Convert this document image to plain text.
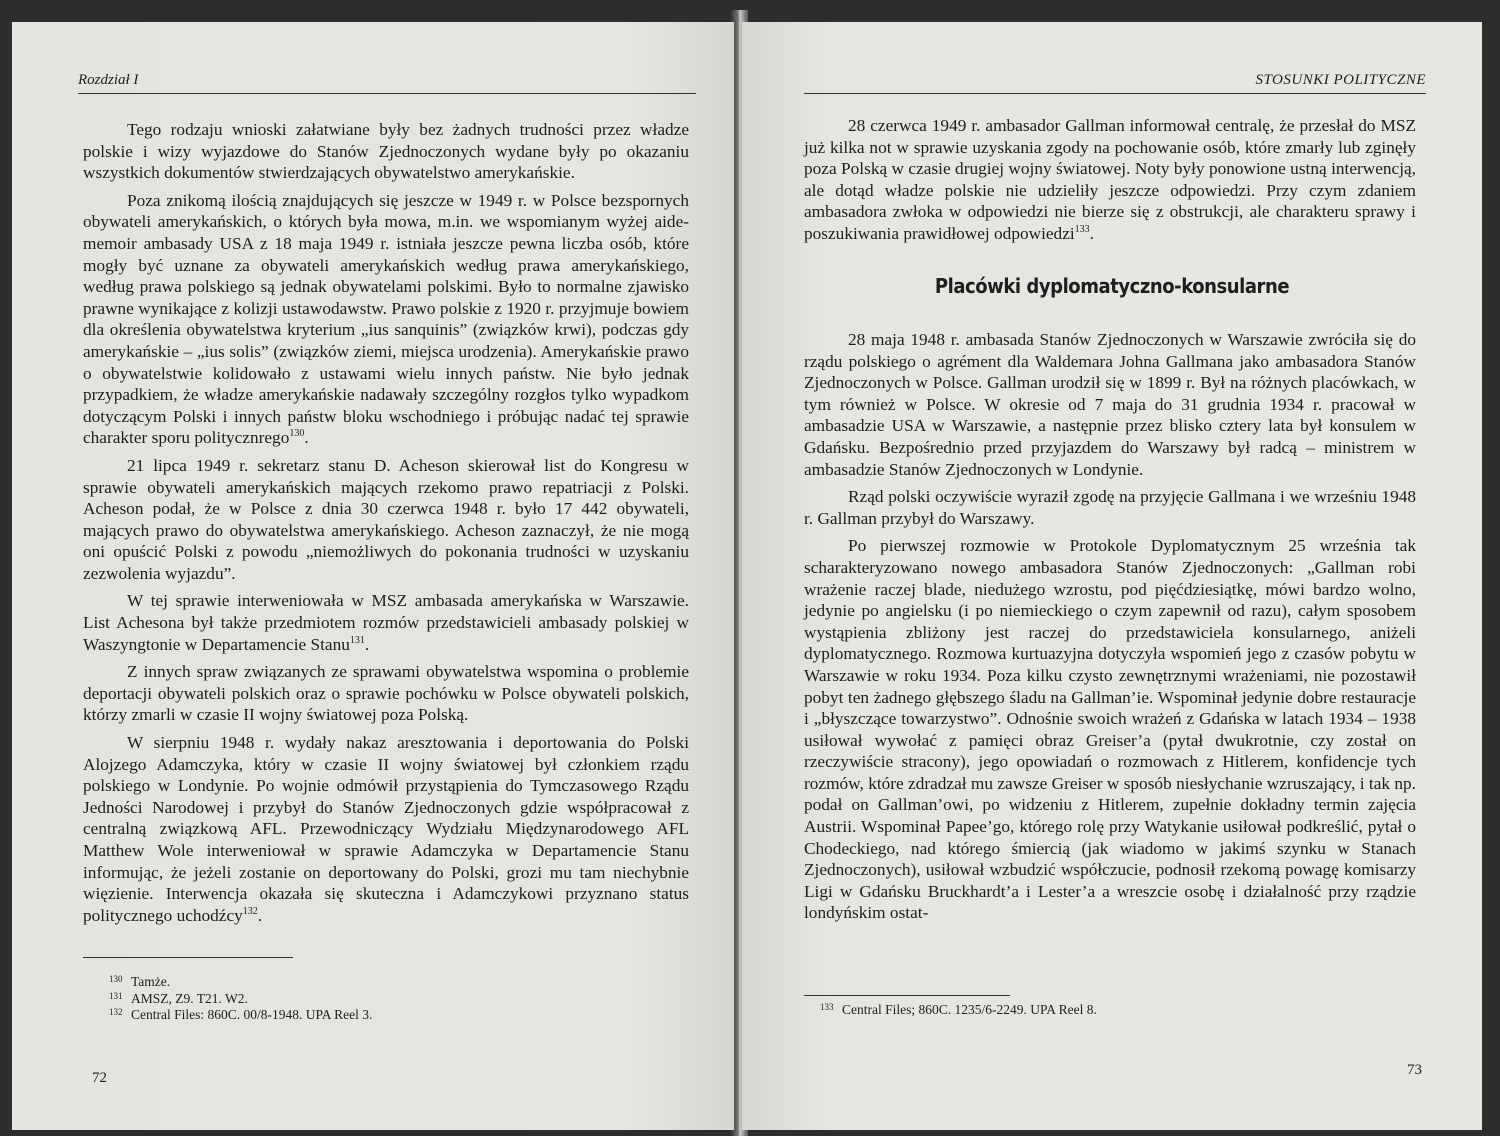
Rozdział I

Tego rodzaju wnioski załatwiane były bez żadnych trudności przez władze polskie i wizy wyjazdowe do Stanów Zjednoczonych wydane były po okazaniu wszystkich dokumentów stwierdzających obywatelstwo amerykańskie.

Poza znikomą ilością znajdujących się jeszcze w 1949 r. w Polsce bezspornych obywateli amerykańskich, o których była mowa, m.in. we wspomianym wyżej aide-memoir ambasady USA z 18 maja 1949 r. istniała jeszcze pewna liczba osób, które mogły być uznane za obywateli amerykańskich według prawa amerykańskiego, według prawa polskiego są jednak obywatelami polskimi. Było to normalne zjawisko prawne wynikające z kolizji ustawodawstw. Prawo polskie z 1920 r. przyjmuje bowiem dla określenia obywatelstwa kryterium „ius sanquinis” (związków krwi), podczas gdy amerykańskie – „ius solis” (związków ziemi, miejsca urodzenia). Amerykańskie prawo o obywatelstwie kolidowało z ustawami wielu innych państw. Nie było jednak przypadkiem, że władze amerykańskie nadawały szczególny rozgłos tylko wypadkom dotyczącym Polski i innych państw bloku wschodniego i próbując nadać tej sprawie charakter sporu politycznrego$^{130}$.

21 lipca 1949 r. sekretarz stanu D. Acheson skierował list do Kongresu w sprawie obywateli amerykańskich mających rzekomo prawo repatriacji z Polski. Acheson podał, że w Polsce z dnia 30 czerwca 1948 r. było 17 442 obywateli, mających prawo do obywatelstwa amerykańskiego. Acheson zaznaczył, że nie mogą oni opuścić Polski z powodu „niemożliwych do pokonania trudności w uzyskaniu zezwolenia wyjazdu”.

W tej sprawie interweniowała w MSZ ambasada amerykańska w Warszawie. List Achesona był także przedmiotem rozmów przedstawicieli ambasady polskiej w Waszyngtonie w Departamencie Stanu$^{131}$.

Z innych spraw związanych ze sprawami obywatelstwa wspomina o problemie deportacji obywateli polskich oraz o sprawie pochówku w Polsce obywateli polskich, którzy zmarli w czasie II wojny światowej poza Polską.

W sierpniu 1948 r. wydały nakaz aresztowania i deportowania do Polski Alojzego Adamczyka, który w czasie II wojny światowej był członkiem rządu polskiego w Londynie. Po wojnie odmówił przystąpienia do Tymczasowego Rządu Jedności Narodowej i przybył do Stanów Zjednoczonych gdzie współpracował z centralną związkową AFL. Przewodniczący Wydziału Międzynarodowego AFL Matthew Wole interweniował w sprawie Adamczyka w Departamencie Stanu informując, że jeżeli zostanie on deportowany do Polski, grozi mu tam niechybnie więzienie. Interwencja okazała się skuteczna i Adamczykowi przyznano status politycznego uchodźcy$^{132}$.

130 Tamże.
131 AMSZ, Z9. T21. W2.
132 Central Files: 860C. 00/8-1948. UPA Reel 3.
72
STOSUNKI POLITYCZNE

28 czerwca 1949 r. ambasador Gallman informował centralę, że przesłał do MSZ już kilka not w sprawie uzyskania zgody na pochowanie osób, które zmarły lub zginęły poza Polską w czasie drugiej wojny światowej. Noty były ponowione ustną interwencją, ale dotąd władze polskie nie udzieliły jeszcze odpowiedzi. Przy czym zdaniem ambasadora zwłoka w odpowiedzi nie bierze się z obstrukcji, ale charakteru sprawy i poszukiwania prawidłowej odpowiedzi$^{133}$.

Placówki dyplomatyczno-konsularne

28 maja 1948 r. ambasada Stanów Zjednoczonych w Warszawie zwróciła się do rządu polskiego o agrément dla Waldemara Johna Gallmana jako ambasadora Stanów Zjednoczonych w Polsce. Gallman urodził się w 1899 r. Był na różnych placówkach, w tym również w Polsce. W okresie od 7 maja do 31 grudnia 1934 r. pracował w ambasadzie USA w Warszawie, a następnie przez blisko cztery lata był konsulem w Gdańsku. Bezpośrednio przed przyjazdem do Warszawy był radcą – ministrem w ambasadzie Stanów Zjednoczonych w Londynie.

Rząd polski oczywiście wyraził zgodę na przyjęcie Gallmana i we wrześniu 1948 r. Gallman przybył do Warszawy.

Po pierwszej rozmowie w Protokole Dyplomatycznym 25 września tak scharakteryzowano nowego ambasadora Stanów Zjednoczonych: „Gallman robi wrażenie raczej blade, niedużego wzrostu, pod pięćdziesiątkę, mówi bardzo wolno, jedynie po angielsku (i po niemieckiego o czym zapewnił od razu), całym sposobem wystąpienia zbliżony jest raczej do przedstawiciela konsularnego, aniżeli dyplomatycznego. Rozmowa kurtuazyjna dotyczyła wspomień jego z czasów pobytu w Warszawie w roku 1934. Poza kilku czysto zewnętrznymi wrażeniami, nie pozostawił pobyt ten żadnego głębszego śladu na Gallman’ie. Wspominał jedynie dobre restauracje i „błyszczące towarzystwo”. Odnośnie swoich wrażeń z Gdańska w latach 1934 – 1938 usiłował wywołać z pamięci obraz Greiser’a (pytał dwukrotnie, czy został on rzeczywiście stracony), jego opowiadań o rozmowach z Hitlerem, konfidencje tych rozmów, które zdradzał mu zawsze Greiser w sposób niesłychanie wzruszający, i tak np. podał on Gallman’owi, po widzeniu z Hitlerem, zupełnie dokładny termin zajęcia Austrii. Wspominał Papee’go, którego rolę przy Watykanie usiłował podkreślić, pytał o Chodeckiego, nad którego śmiercią (jak wiadomo w jakimś szynku w Stanach Zjednoczonych), usiłował wzbudzić współczucie, podnosił rzekomą powagę komisarzy Ligi w Gdańsku Bruckhardt’a i Lester’a a wreszcie osobę i działalność przy rządzie londyńskim ostat-

133 Central Files; 860C. 1235/6-2249. UPA Reel 8.
73
